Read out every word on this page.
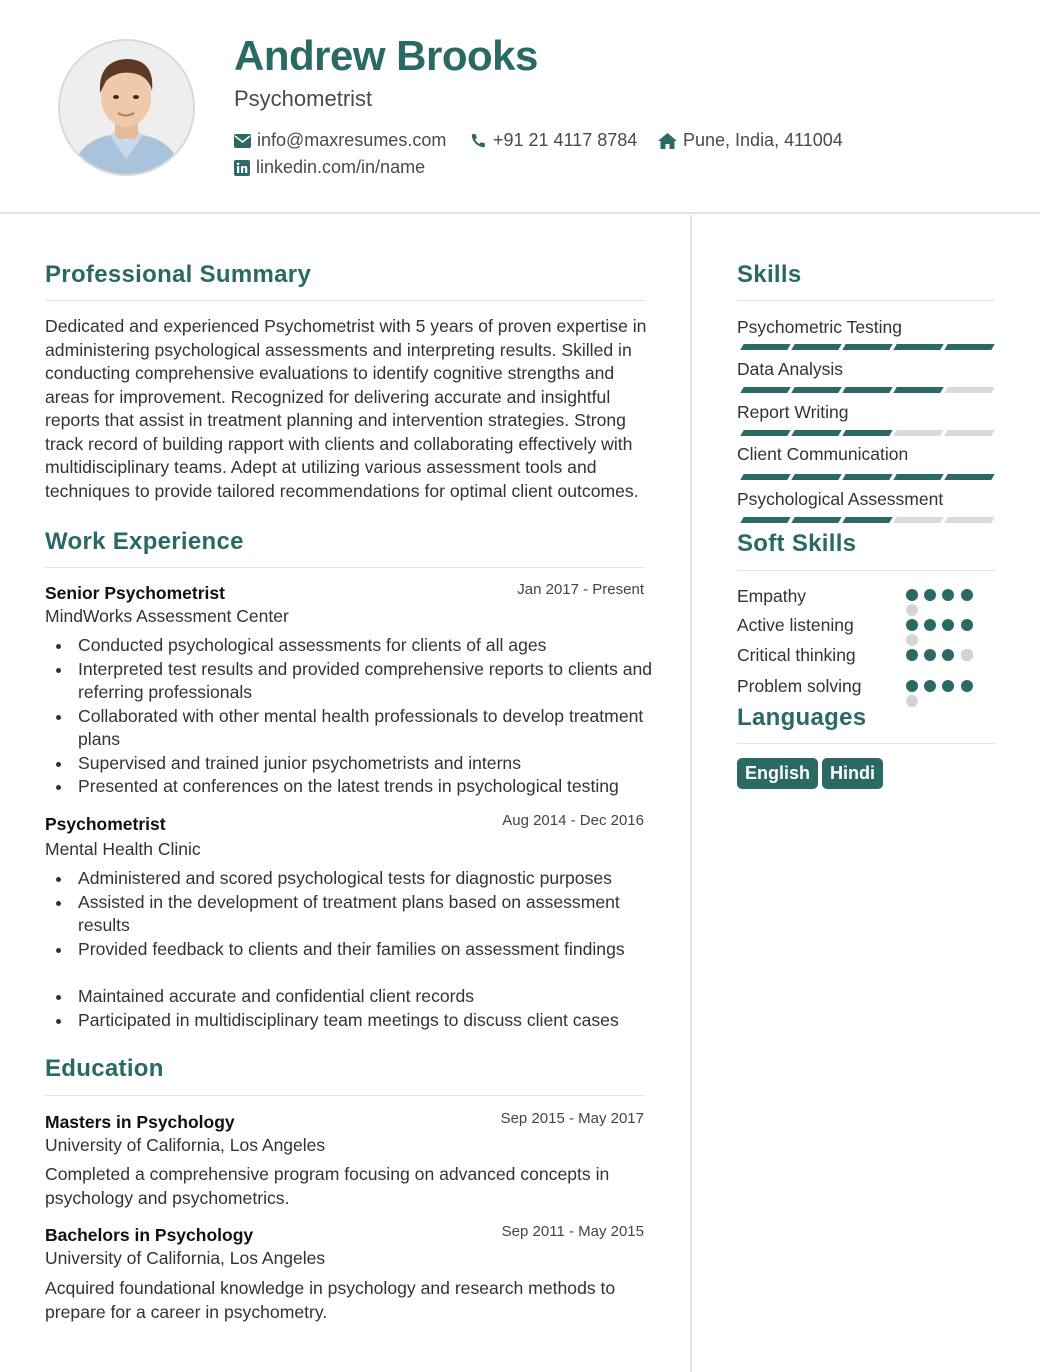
Andrew Brooks
Psychometrist
info@maxresumes.com	+91 21 4117 8784	Pune, India, 411004
linkedin.com/in/name
Professional Summary

Dedicated and experienced Psychometrist with 5 years of proven expertise in administering psychological assessments and interpreting results. Skilled in conducting comprehensive evaluations to identify cognitive strengths and areas for improvement. Recognized for delivering accurate and insightful reports that assist in treatment planning and intervention strategies. Strong track record of building rapport with clients and collaborating effectively with multidisciplinary teams. Adept at utilizing various assessment tools and techniques to provide tailored recommendations for optimal client outcomes.

Work Experience
Senior Psychometrist	Jan 2017 - Present
MindWorks Assessment Center
Conducted psychological assessments for clients of all ages
Interpreted test results and provided comprehensive reports to clients and referring professionals
Collaborated with other mental health professionals to develop treatment plans
Supervised and trained junior psychometrists and interns
Presented at conferences on the latest trends in psychological testing
Psychometrist	Aug 2014 - Dec 2016
Mental Health Clinic
Administered and scored psychological tests for diagnostic purposes
Assisted in the development of treatment plans based on assessment results
Provided feedback to clients and their families on assessment findings
Maintained accurate and confidential client records
Participated in multidisciplinary team meetings to discuss client cases
Education
Masters in Psychology	Sep 2015 - May 2017
University of California, Los Angeles

Completed a comprehensive program focusing on advanced concepts in psychology and psychometrics.

Bachelors in Psychology	Sep 2011 - May 2015
University of California, Los Angeles

Acquired foundational knowledge in psychology and research methods to prepare for a career in psychometry.

Skills
Psychometric Testing
Data Analysis
Report Writing
Client Communication
Psychological Assessment
Soft Skills
Empathy
Active listening
Critical thinking
Problem solving
Languages
English	Hindi
